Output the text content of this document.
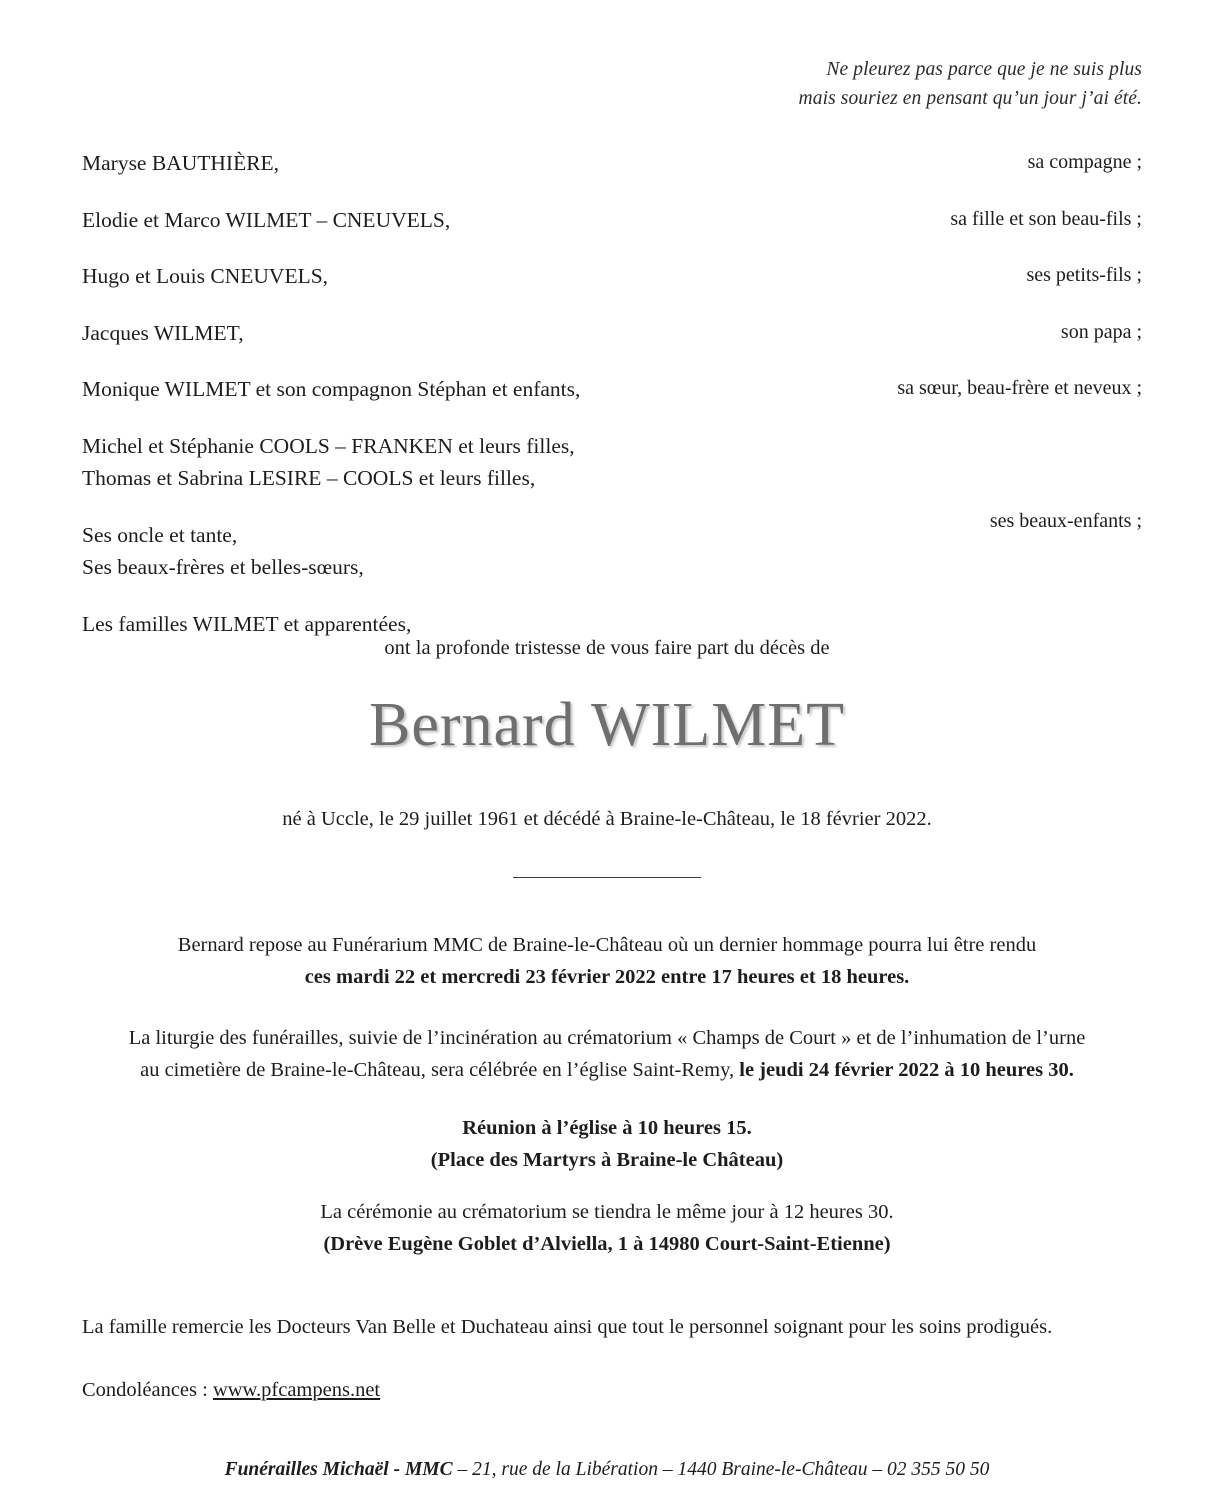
Ne pleurez pas parce que je ne suis plus
mais souriez en pensant qu’un jour j’ai été.
Maryse BAUTHIÈRE,	sa compagne ;
Elodie et Marco WILMET – CNEUVELS,	sa fille et son beau-fils ;
Hugo et Louis CNEUVELS,	ses petits-fils ;
Jacques WILMET,	son papa ;
Monique WILMET et son compagnon Stéphan et enfants,	sa sœur, beau-frère et neveux ;
Michel et Stéphanie COOLS – FRANKEN et leurs filles,
Thomas et Sabrina LESIRE – COOLS et leurs filles,
ses beaux-enfants ;
Ses oncle et tante,
Ses beaux-frères et belles-sœurs,
Les familles WILMET et apparentées,
ont la profonde tristesse de vous faire part du décès de
Bernard WILMET
né à Uccle, le 29 juillet 1961 et décédé à Braine-le-Château, le 18 février 2022.
Bernard repose au Funérarium MMC de Braine-le-Château où un dernier hommage pourra lui être rendu
ces mardi 22 et mercredi 23 février 2022 entre 17 heures et 18 heures.
La liturgie des funérailles, suivie de l’incinération au crématorium « Champs de Court » et de l’inhumation de l’urne
au cimetière de Braine-le-Château, sera célébrée en l’église Saint-Remy, le jeudi 24 février 2022 à 10 heures 30.
Réunion à l’église à 10 heures 15.
(Place des Martyrs à Braine-le Château)
La cérémonie au crématorium se tiendra le même jour à 12 heures 30.
(Drève Eugène Goblet d’Alviella, 1 à 14980 Court-Saint-Etienne)
La famille remercie les Docteurs Van Belle et Duchateau ainsi que tout le personnel soignant pour les soins prodigués.
Condoléances : www.pfcampens.net
Funérailles Michaël - MMC – 21, rue de la Libération – 1440 Braine-le-Château – 02 355 50 50
